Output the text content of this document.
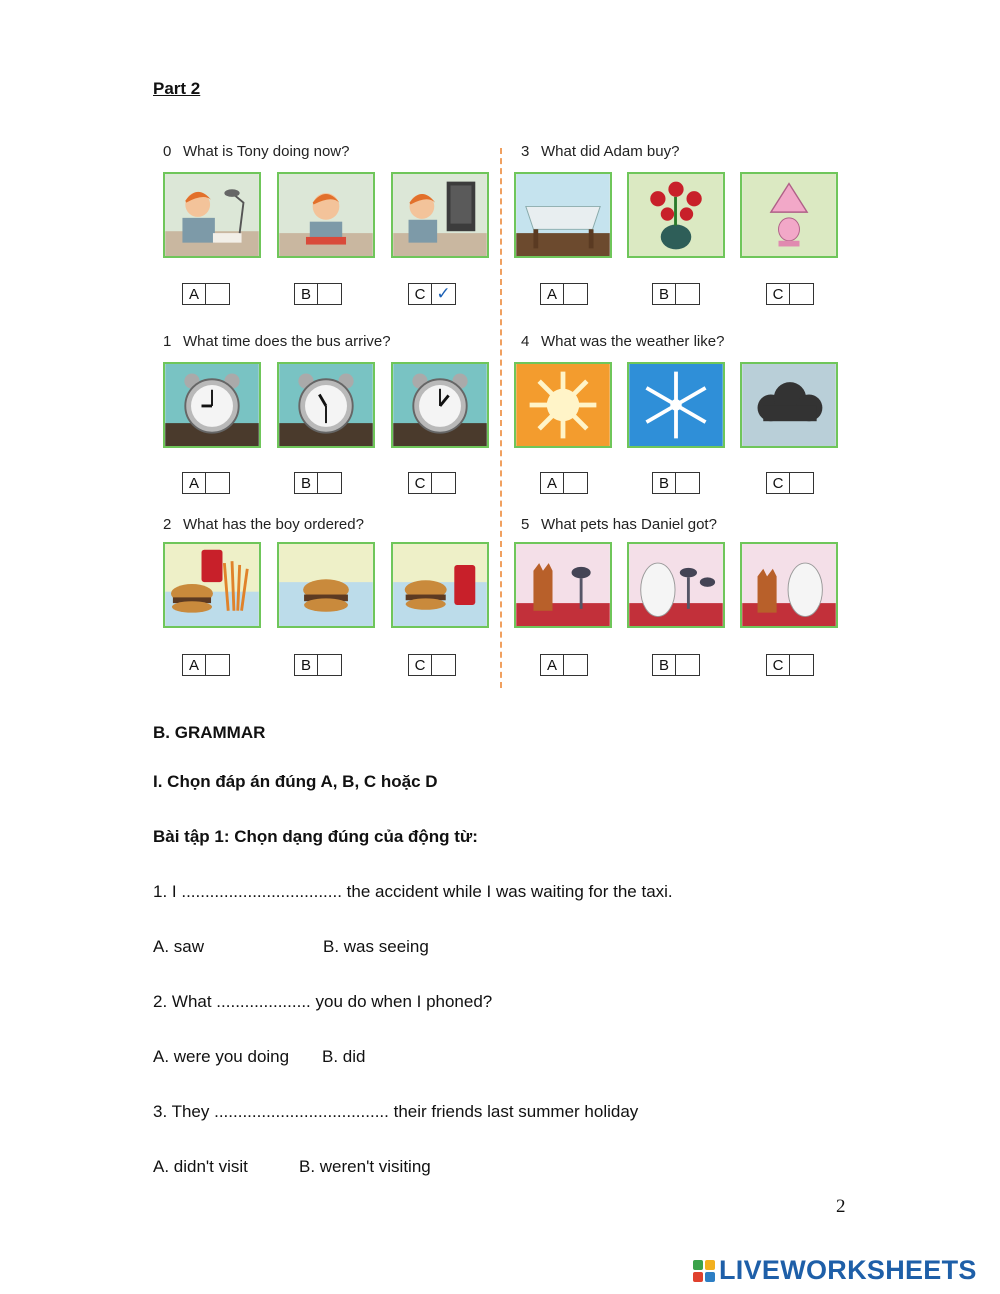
Part 2
0 What is Tony doing now?
1 What time does the bus arrive?
2 What has the boy ordered?
3 What did Adam buy?
4 What was the weather like?
5 What pets has Daniel got?
A	B	C ✓
A	B	C
A	B	C
A	B	C
A	B	C
A	B	C
B. GRAMMAR
I. Chọn đáp án đúng A, B, C hoặc D
Bài tập 1: Chọn dạng đúng của động từ:
1. I .................................. the accident while I was waiting for the taxi.
A. saw	B. was seeing
2. What .................... you do when I phoned?
A. were you doing B. did
3. They ..................................... their friends last summer holiday
A. didn't visit	B. weren't visiting
2
LIVEWORKSHEETS
